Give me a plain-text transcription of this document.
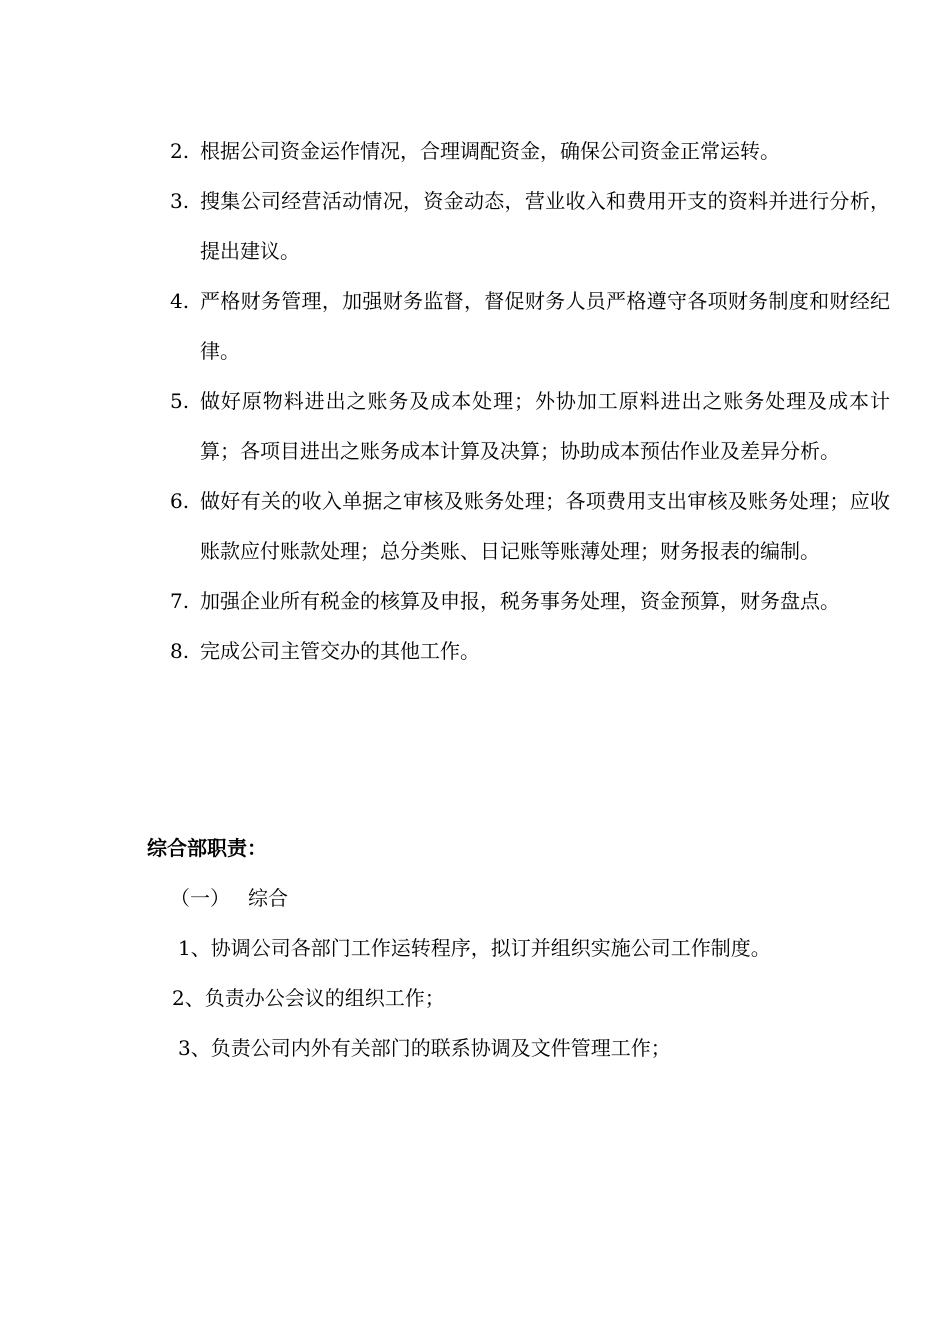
2. 根据公司资金运作情况，合理调配资金，确保公司资金正常运转。
3. 搜集公司经营活动情况，资金动态，营业收入和费用开支的资料并进行分析，提出建议。
4. 严格财务管理，加强财务监督，督促财务人员严格遵守各项财务制度和财经纪律。
5. 做好原物料进出之账务及成本处理；外协加工原料进出之账务处理及成本计算；各项目进出之账务成本计算及决算；协助成本预估作业及差异分析。
6. 做好有关的收入单据之审核及账务处理；各项费用支出审核及账务处理；应收账款应付账款处理；总分类账、日记账等账薄处理；财务报表的编制。
7. 加强企业所有税金的核算及申报，税务事务处理，资金预算，财务盘点。
8. 完成公司主管交办的其他工作。
综合部职责：
（一） 综合
1、协调公司各部门工作运转程序，拟订并组织实施公司工作制度。
2、负责办公会议的组织工作；
3、负责公司内外有关部门的联系协调及文件管理工作；
